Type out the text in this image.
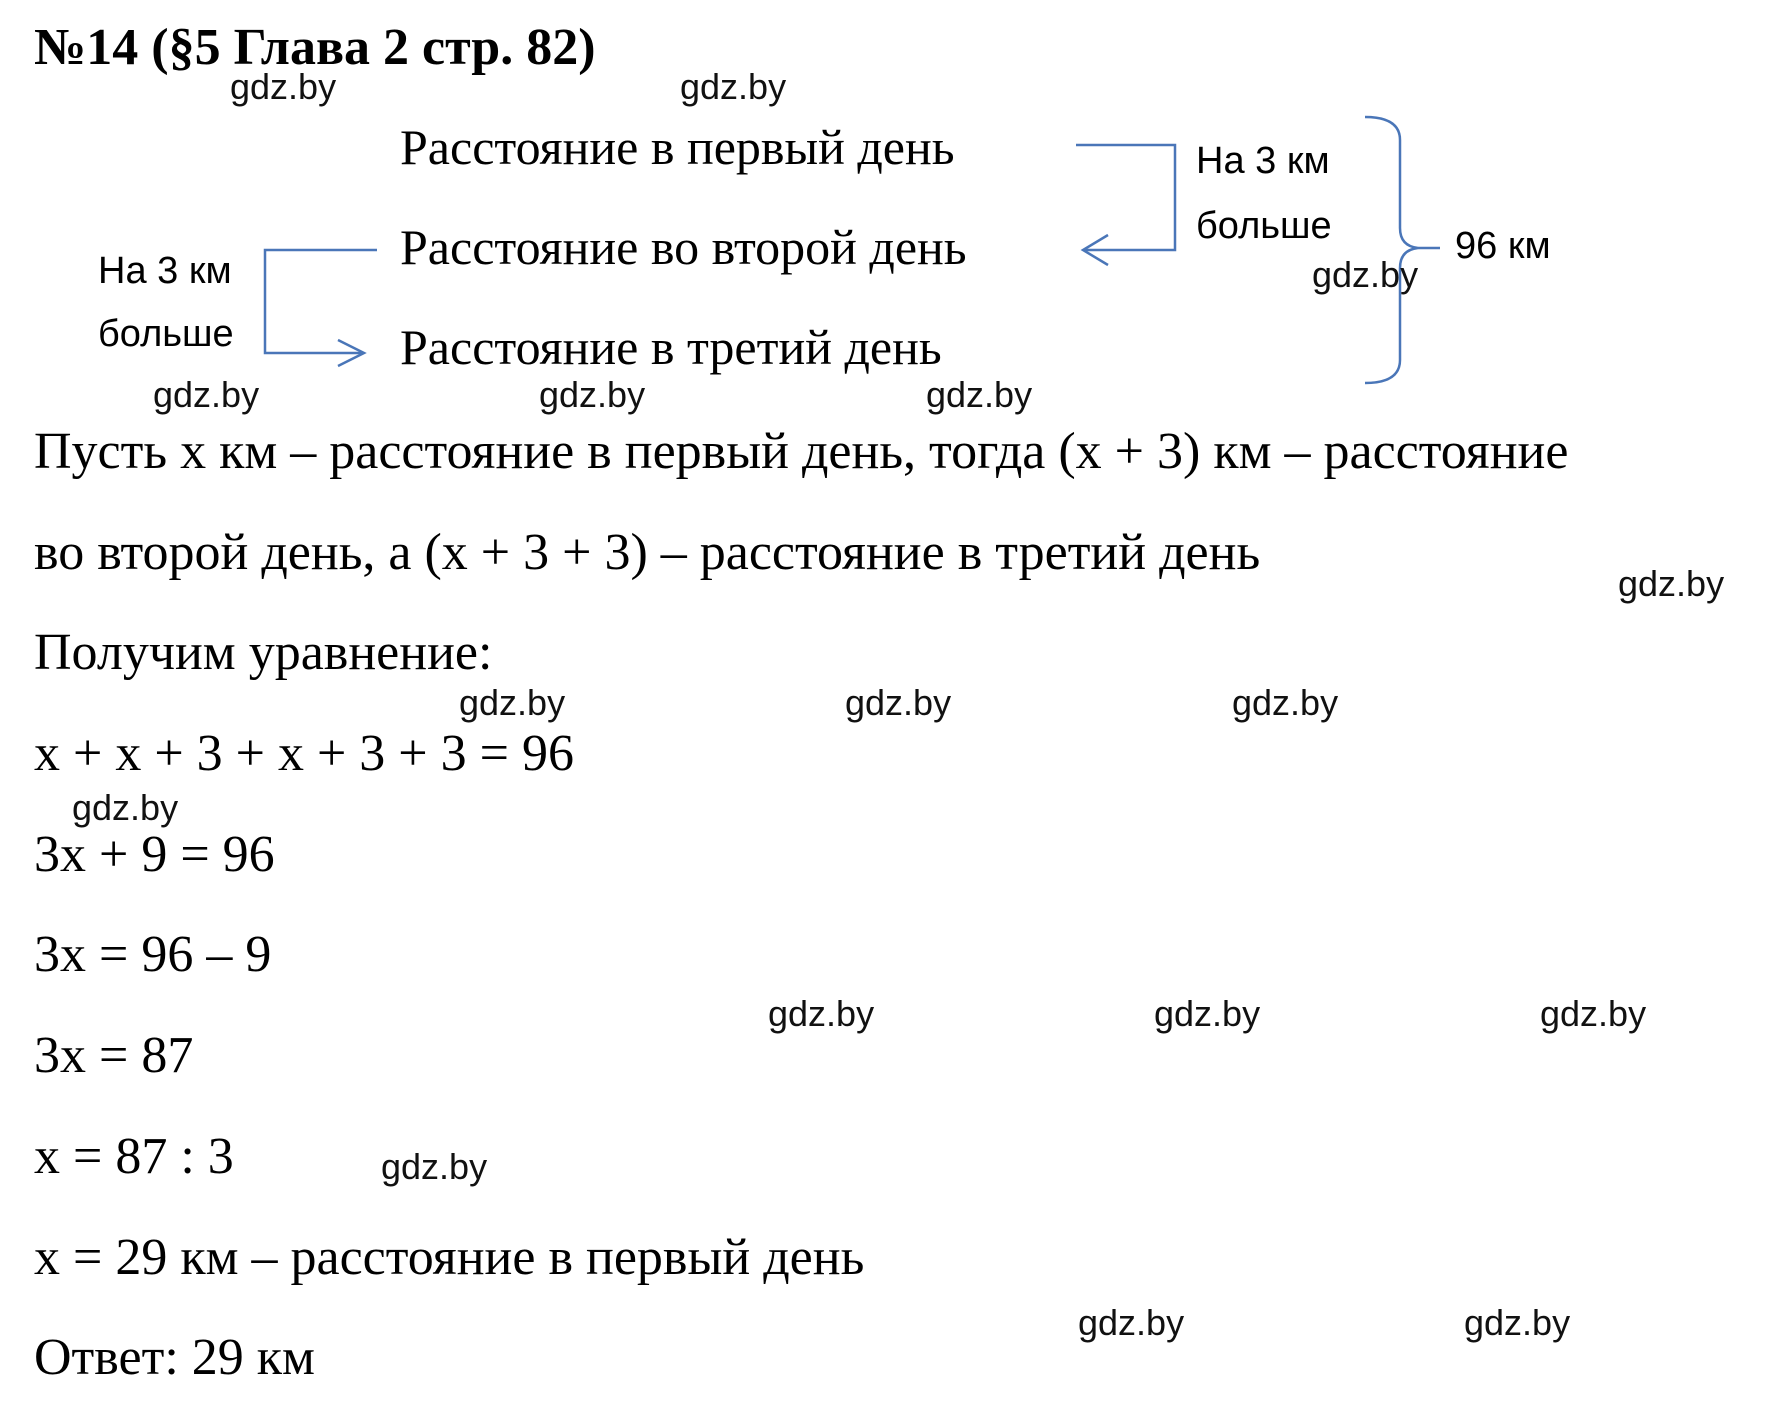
№14 (§5 Глава 2 стр. 82)
Расстояние в первый день
Расстояние во второй день
Расстояние в третий день
На 3 км
больше
На 3 км
больше
96 км
Пусть x км – расстояние в первый день, тогда (x + 3) км – расстояние
во второй день, а (x + 3 + 3) – расстояние в третий день
Получим уравнение:
x + x + 3 + x + 3 + 3 = 96
3x + 9 = 96
3x = 96 – 9
3x = 87
x = 87 : 3
x = 29 км – расстояние в первый день
Ответ: 29 км
gdz.by	gdz.by
gdz.by
gdz.by	gdz.by	gdz.by
gdz.by
gdz.by	gdz.by	gdz.by
gdz.by
gdz.by	gdz.by	gdz.by
gdz.by
gdz.by	gdz.by
